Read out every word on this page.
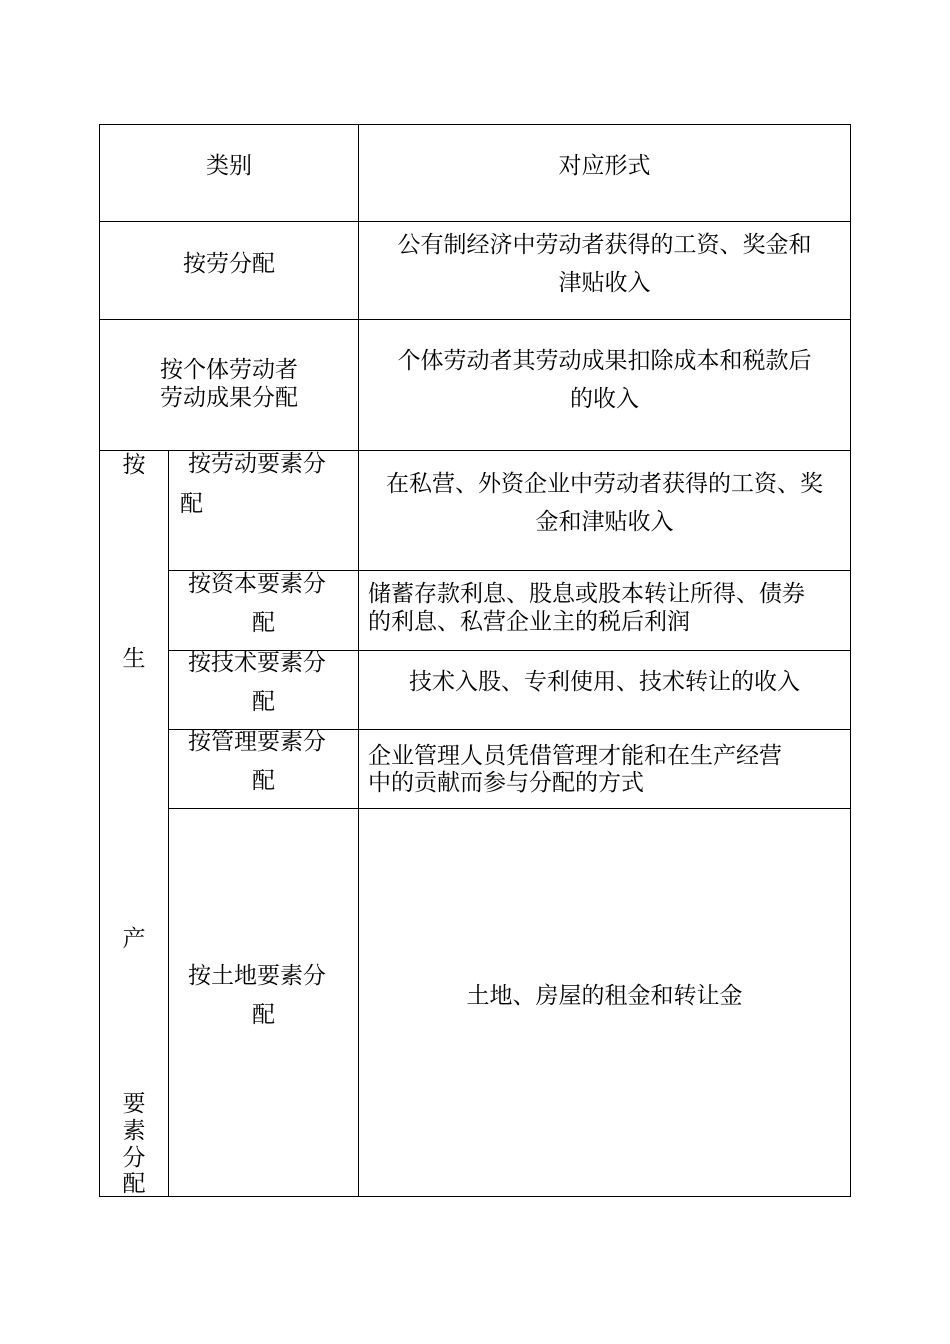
类别	对应形式
按劳分配
公有制经济中劳动者获得的工资、奖金和
津贴收入
按个体劳动者
劳动成果分配
个体劳动者其劳动成果扣除成本和税款后
的收入
按
生
产
要
素
分
配
按劳动要素分
配
在私营、外资企业中劳动者获得的工资、奖
金和津贴收入
按资本要素分
配
储蓄存款利息、股息或股本转让所得、债券
的利息、私营企业主的税后利润
按技术要素分
配
技术入股、专利使用、技术转让的收入
按管理要素分
配
企业管理人员凭借管理才能和在生产经营
中的贡献而参与分配的方式
按土地要素分
配
土地、房屋的租金和转让金
